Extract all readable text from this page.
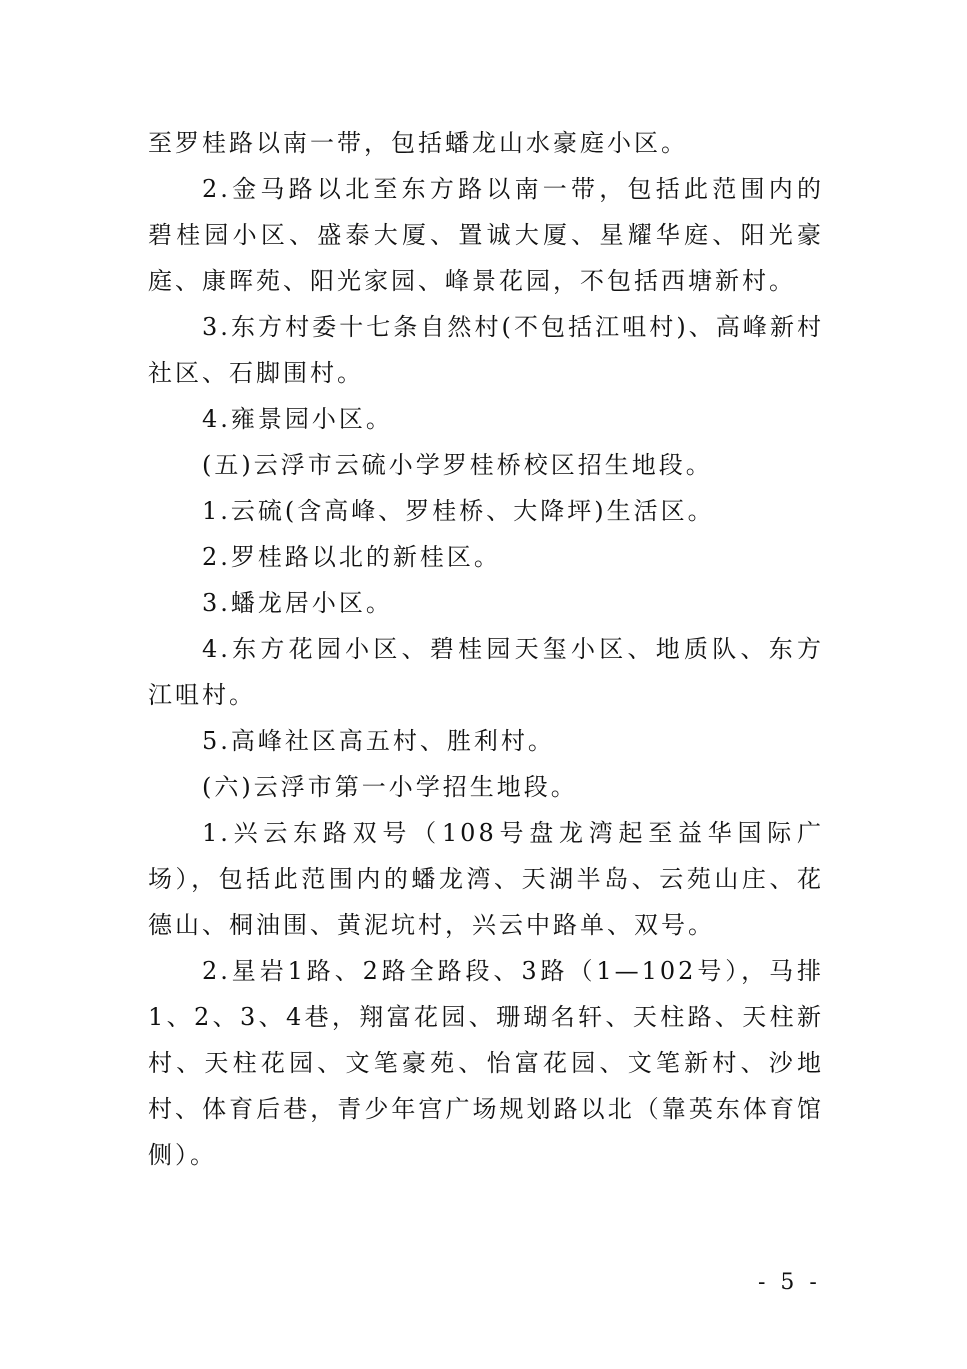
至罗桂路以南一带，包括蟠龙山水豪庭小区。

2.金马路以北至东方路以南一带，包括此范围内的碧桂园小区、盛泰大厦、置诚大厦、星耀华庭、阳光豪庭、康晖苑、阳光家园、峰景花园，不包括西塘新村。

3.东方村委十七条自然村(不包括江咀村)、高峰新村社区、石脚围村。

4.雍景园小区。

(五)云浮市云硫小学罗桂桥校区招生地段。

1.云硫(含高峰、罗桂桥、大降坪)生活区。

2.罗桂路以北的新桂区。

3.蟠龙居小区。

4.东方花园小区、碧桂园天玺小区、地质队、东方江咀村。

5.高峰社区高五村、胜利村。

(六)云浮市第一小学招生地段。

1.兴云东路双号（108号盘龙湾起至益华国际广场），包括此范围内的蟠龙湾、天湖半岛、云苑山庄、花德山、桐油围、黄泥坑村，兴云中路单、双号。

2.星岩1路、2路全路段、3路（1—102号），马排1、2、3、4巷，翔富花园、珊瑚名轩、天柱路、天柱新村、天柱花园、文笔豪苑、怡富花园、文笔新村、沙地村、体育后巷，青少年宫广场规划路以北（靠英东体育馆侧）。

- 5 -
